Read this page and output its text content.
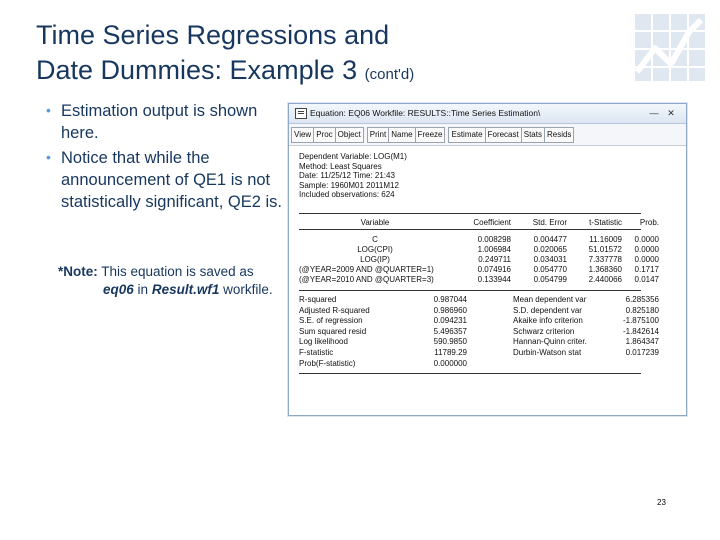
Time Series Regressions and
Date Dummies: Example 3 (cont'd)
• Estimation output is shown here.
• Notice that while the announcement of QE1 is not statistically significant, QE2 is.
*Note: This equation is saved as
eq06 in Result.wf1 workfile.
Equation: EQ06 Workfile: RESULTS::Time Series Estimation\	— ✕
View Proc Object	Print Name Freeze	Estimate Forecast Stats Resids
Dependent Variable: LOG(M1)
Method: Least Squares
Date: 11/25/12 Time: 21:43
Sample: 1960M01 2011M12
Included observations: 624
Variable	Coefficient	Std. Error	t-Statistic Prob.
C	0.008298	0.004477	11.16009 0.0000
LOG(CPI)	1.006984	0.020065	51.01572 0.0000
LOG(IP)	0.249711	0.034031	7.337778 0.0000
(@YEAR=2009 AND @QUARTER=1)	0.074916	0.054770	1.368360 0.1717
(@YEAR=2010 AND @QUARTER=3)	0.133944	0.054799	2.440066 0.0147
R-squared	0.987044	Mean dependent var	6.285356
Adjusted R-squared	0.986960	S.D. dependent var	0.825180
S.E. of regression	0.094231	Akaike info criterion	-1.875100
Sum squared resid	5.496357	Schwarz criterion	-1.842614
Log likelihood	590.9850	Hannan-Quinn criter.	1.864347
F-statistic	11789.29	Durbin-Watson stat	0.017239
Prob(F-statistic)	0.000000
23
